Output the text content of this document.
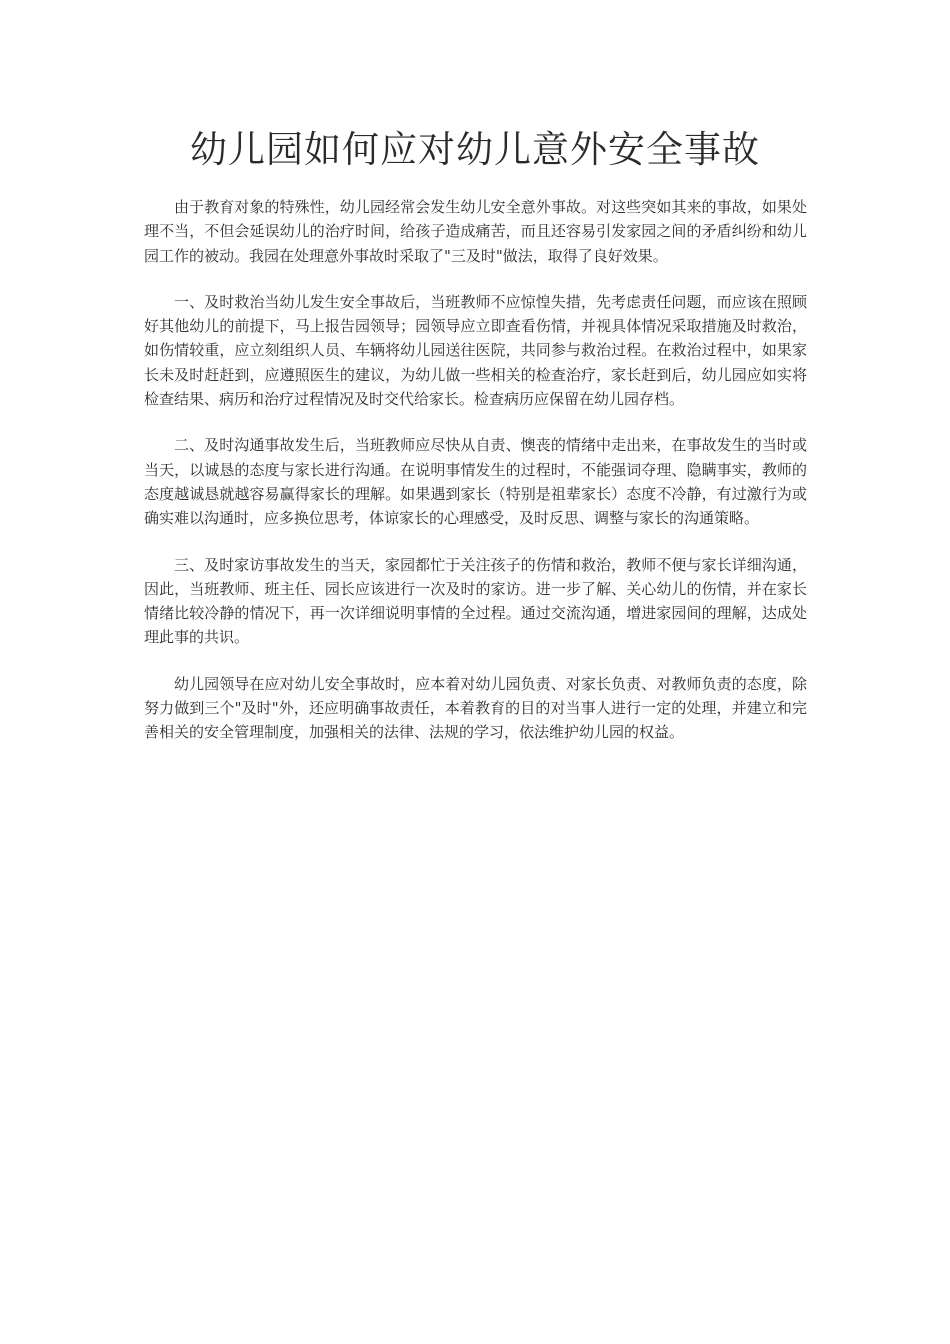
幼儿园如何应对幼儿意外安全事故

由于教育对象的特殊性，幼儿园经常会发生幼儿安全意外事故。对这些突如其来的事故，如果处理不当，不但会延误幼儿的治疗时间，给孩子造成痛苦，而且还容易引发家园之间的矛盾纠纷和幼儿园工作的被动。我园在处理意外事故时采取了"三及时"做法，取得了良好效果。

一、及时救治当幼儿发生安全事故后，当班教师不应惊惶失措，先考虑责任问题，而应该在照顾好其他幼儿的前提下，马上报告园领导；园领导应立即查看伤情，并视具体情况采取措施及时救治，如伤情较重，应立刻组织人员、车辆将幼儿园送往医院，共同参与救治过程。在救治过程中，如果家长未及时赶赶到，应遵照医生的建议，为幼儿做一些相关的检查治疗，家长赶到后，幼儿园应如实将检查结果、病历和治疗过程情况及时交代给家长。检查病历应保留在幼儿园存档。

二、及时沟通事故发生后，当班教师应尽快从自责、懊丧的情绪中走出来，在事故发生的当时或当天，以诚恳的态度与家长进行沟通。在说明事情发生的过程时，不能强词夺理、隐瞒事实，教师的态度越诚恳就越容易赢得家长的理解。如果遇到家长（特别是祖辈家长）态度不冷静，有过激行为或确实难以沟通时，应多换位思考，体谅家长的心理感受，及时反思、调整与家长的沟通策略。

三、及时家访事故发生的当天，家园都忙于关注孩子的伤情和救治，教师不便与家长详细沟通，因此，当班教师、班主任、园长应该进行一次及时的家访。进一步了解、关心幼儿的伤情，并在家长情绪比较冷静的情况下，再一次详细说明事情的全过程。通过交流沟通，增进家园间的理解，达成处理此事的共识。

幼儿园领导在应对幼儿安全事故时，应本着对幼儿园负责、对家长负责、对教师负责的态度，除努力做到三个"及时"外，还应明确事故责任，本着教育的目的对当事人进行一定的处理，并建立和完善相关的安全管理制度，加强相关的法律、法规的学习，依法维护幼儿园的权益。
